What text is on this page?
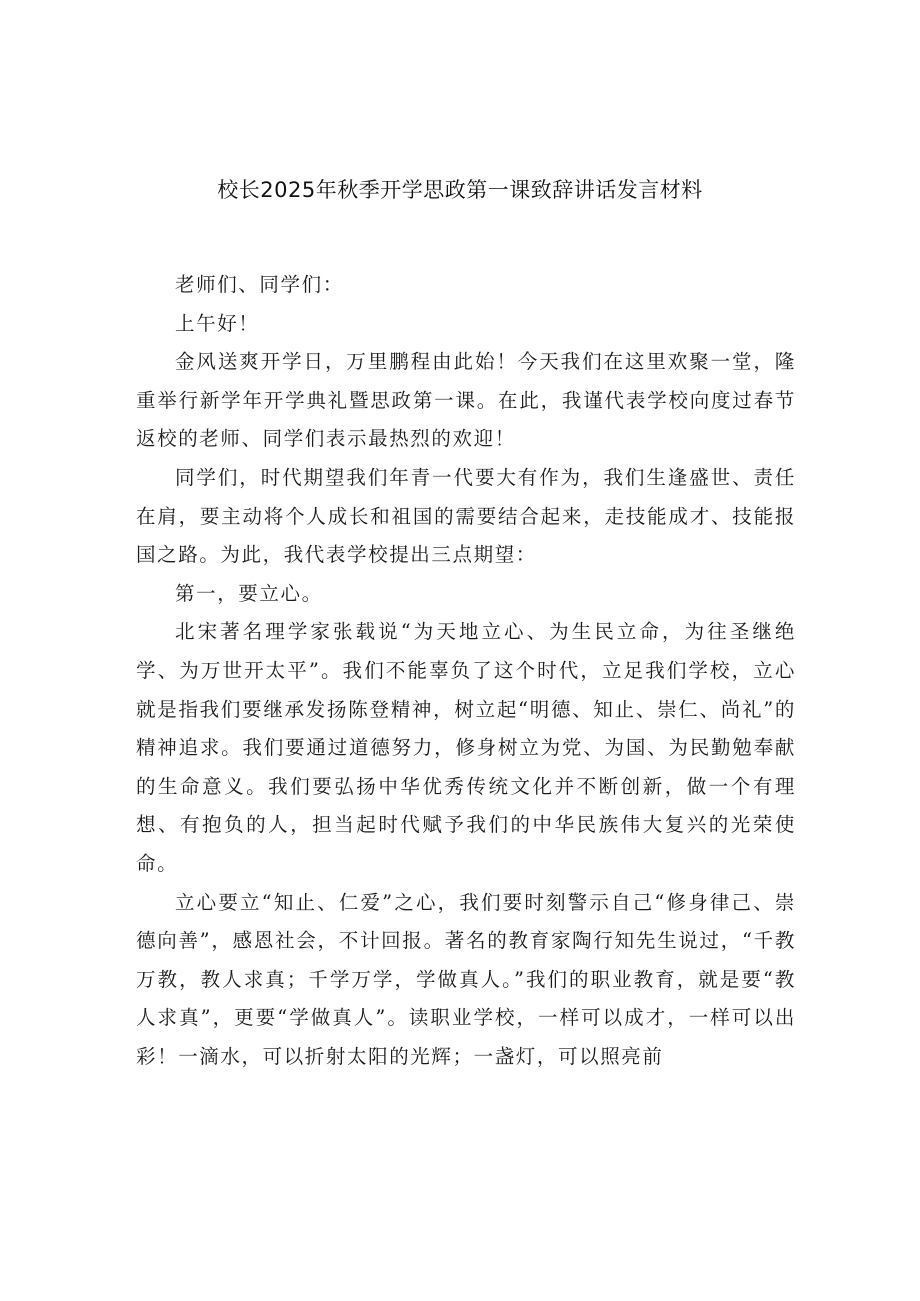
校长2025年秋季开学思政第一课致辞讲话发言材料

老师们、同学们：

上午好！

金风送爽开学日，万里鹏程由此始！今天我们在这里欢聚一堂，隆重举行新学年开学典礼暨思政第一课。在此，我谨代表学校向度过春节返校的老师、同学们表示最热烈的欢迎！

同学们，时代期望我们年青一代要大有作为，我们生逢盛世、责任在肩，要主动将个人成长和祖国的需要结合起来，走技能成才、技能报国之路。为此，我代表学校提出三点期望：

第一，要立心。

北宋著名理学家张载说“为天地立心、为生民立命，为往圣继绝学、为万世开太平”。我们不能辜负了这个时代，立足我们学校，立心就是指我们要继承发扬陈登精神，树立起“明德、知止、崇仁、尚礼”的精神追求。我们要通过道德努力，修身树立为党、为国、为民勤勉奉献的生命意义。我们要弘扬中华优秀传统文化并不断创新，做一个有理想、有抱负的人，担当起时代赋予我们的中华民族伟大复兴的光荣使命。

立心要立“知止、仁爱”之心，我们要时刻警示自己“修身律己、崇德向善”，感恩社会，不计回报。著名的教育家陶行知先生说过，“千教万教，教人求真；千学万学，学做真人。”我们的职业教育，就是要“教人求真”，更要“学做真人”。读职业学校，一样可以成才，一样可以出彩！一滴水，可以折射太阳的光辉；一盏灯，可以照亮前
